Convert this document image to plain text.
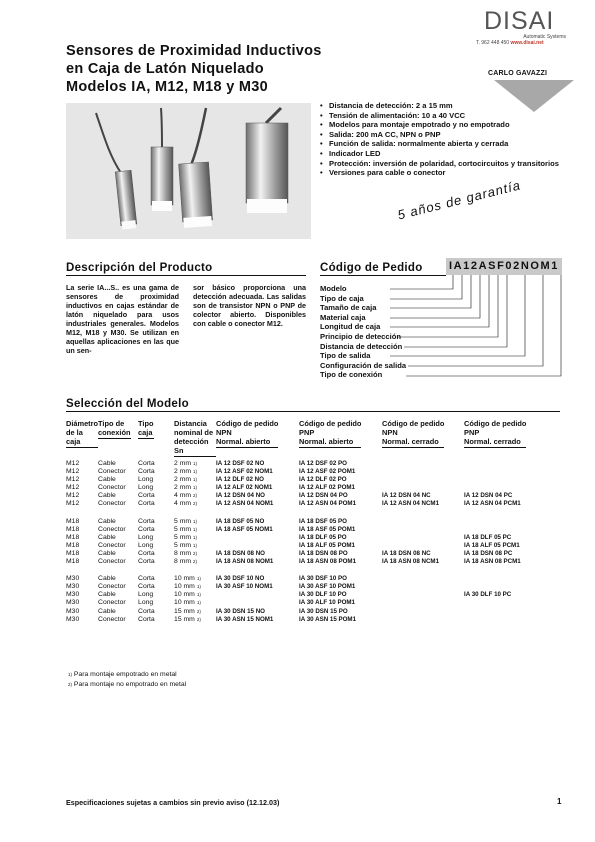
Sensores de Proximidad Inductivos
en Caja de Latón Niquelado
Modelos IA, M12, M18 y M30
DISAI
Automatic Systems
T. 962 448 450 www.disai.net
CARLO GAVAZZI
• Distancia de detección: 2 a 15 mm
• Tensión de alimentación: 10 a 40 VCC
• Modelos para montaje empotrado y no empotrado
• Salida: 200 mA CC, NPN o PNP
• Función de salida: normalmente abierta y cerrada
• Indicador LED
• Protección: inversión de polaridad, cortocircuitos y transitorios
• Versiones para cable o conector
5 años de garantía
Descripción del Producto
La serie IA...S.. es una gama de sensores de proximidad inductivos en cajas estándar de latón niquelado para usos industriales generales. Modelos M12, M18 y M30. Se utilizan en aquellas aplicaciones en las que un sen-
sor básico proporciona una detección adecuada. Las salidas son de transistor NPN o PNP de colector abierto. Disponibles con cable o conector M12.
Código de Pedido	IA12ASF02NOM1
Modelo
Tipo de caja
Tamaño de caja
Material caja
Longitud de caja
Principio de detección
Distancia de detección
Tipo de salida
Configuración de salida
Tipo de conexión
Selección del Modelo
Diámetro
de la caja	Tipo de
conexión	Tipo
caja	Distancia
nominal de
detección Sn	Código de pedido
NPN
Normal. abierto	Código de pedido
PNP
Normal. abierto	Código de pedido
NPN
Normal. cerrado	Código de pedido
PNP
Normal. cerrado
M12	Cable	Corta	2 mm $^{1)}$	IA 12 DSF 02 NO	IA 12 DSF 02 PO		
M12	Conector	Corta	2 mm $^{1)}$	IA 12 ASF 02 NOM1	IA 12 ASF 02 POM1		
M12	Cable	Long	2 mm $^{1)}$	IA 12 DLF 02 NO	IA 12 DLF 02 PO		
M12	Conector	Long	2 mm $^{1)}$	IA 12 ALF 02 NOM1	IA 12 ALF 02 POM1		
M12	Cable	Corta	4 mm $^{2)}$	IA 12 DSN 04 NO	IA 12 DSN 04 PO	IA 12 DSN 04 NC	IA 12 DSN 04 PC
M12	Conector	Corta	4 mm $^{2)}$	IA 12 ASN 04 NOM1	IA 12 ASN 04 POM1	IA 12 ASN 04 NCM1	IA 12 ASN 04 PCM1

M18	Cable	Corta	5 mm $^{1)}$	IA 18 DSF 05 NO	IA 18 DSF 05 PO		
M18	Conector	Corta	5 mm $^{1)}$	IA 18 ASF 05 NOM1	IA 18 ASF 05 POM1		
M18	Cable	Long	5 mm $^{1)}$		IA 18 DLF 05 PO		IA 18 DLF 05 PC
M18	Conector	Long	5 mm $^{1)}$		IA 18 ALF 05 POM1		IA 18 ALF 05 PCM1
M18	Cable	Corta	8 mm $^{2)}$	IA 18 DSN 08 NO	IA 18 DSN 08 PO	IA 18 DSN 08 NC	IA 18 DSN 08 PC
M18	Conector	Corta	8 mm $^{2)}$	IA 18 ASN 08 NOM1	IA 18 ASN 08 POM1	IA 18 ASN 08 NCM1	IA 18 ASN 08 PCM1

M30	Cable	Corta	10 mm $^{1)}$	IA 30 DSF 10 NO	IA 30 DSF 10 PO		
M30	Conector	Corta	10 mm $^{1)}$	IA 30 ASF 10 NOM1	IA 30 ASF 10 POM1		
M30	Cable	Long	10 mm $^{1)}$		IA 30 DLF 10 PO		IA 30 DLF 10 PC
M30	Conector	Long	10 mm $^{1)}$		IA 30 ALF 10 POM1		
M30	Cable	Corta	15 mm $^{2)}$	IA 30 DSN 15 NO	IA 30 DSN 15 PO		
M30	Conector	Corta	15 mm $^{2)}$	IA 30 ASN 15 NOM1	IA 30 ASN 15 POM1		
$^{1)}$ Para montaje empotrado en metal
$^{2)}$ Para montaje no empotrado en metal
Especificaciones sujetas a cambios sin previo aviso (12.12.03)	1
